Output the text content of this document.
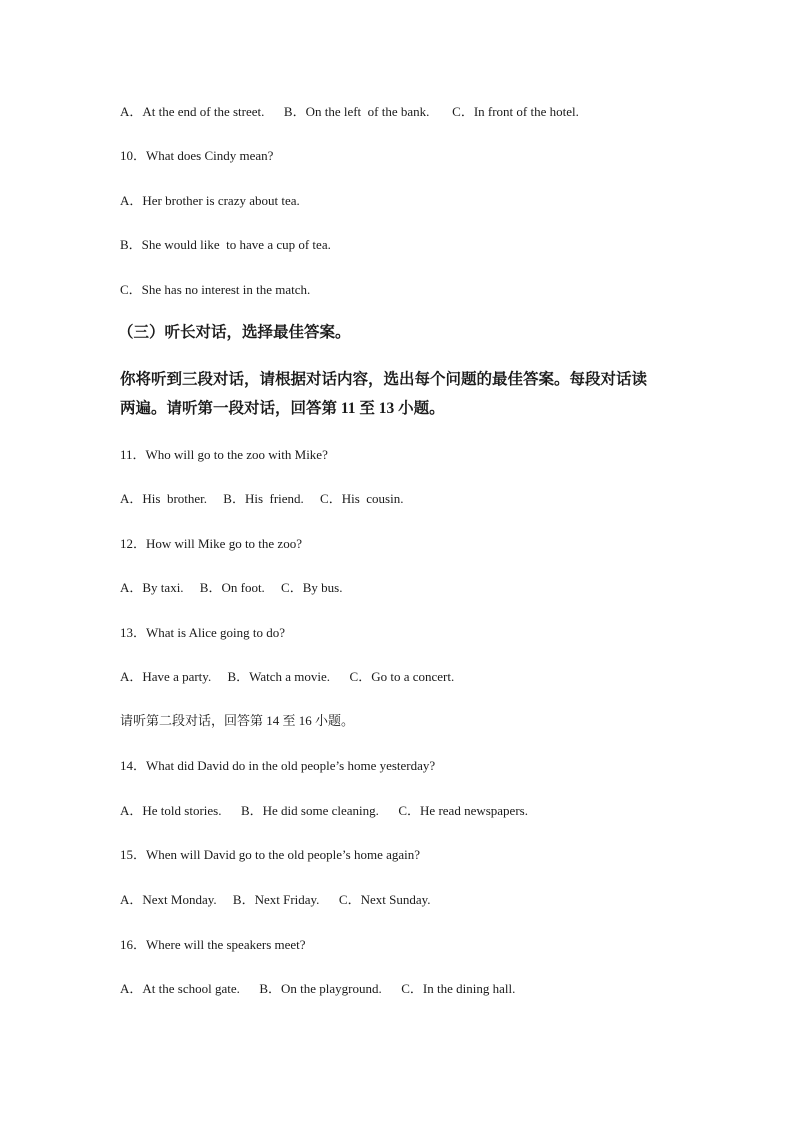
A．At the end of the street.      B．On the left  of the bank.       C．In front of the hotel.
10．What does Cindy mean?
A．Her brother is crazy about tea.
B．She would like  to have a cup of tea.
C．She has no interest in the match.
（三）听长对话，选择最佳答案。
你将听到三段对话，请根据对话内容，选出每个问题的最佳答案。每段对话读
两遍。请听第一段对话，回答第 11 至 13 小题。
11．Who will go to the zoo with Mike?
A．His  brother.     B．His  friend.     C．His  cousin.
12．How will Mike go to the zoo?
A．By taxi.     B．On foot.     C．By bus.
13．What is Alice going to do?
A．Have a party.     B．Watch a movie.      C．Go to a concert.
请听第二段对话，回答第 14 至 16 小题。
14．What did David do in the old people’s home yesterday?
A．He told stories.      B．He did some cleaning.      C．He read newspapers.
15．When will David go to the old people’s home again?
A．Next Monday.     B．Next Friday.      C．Next Sunday.
16．Where will the speakers meet?
A．At the school gate.      B．On the playground.      C．In the dining hall.
